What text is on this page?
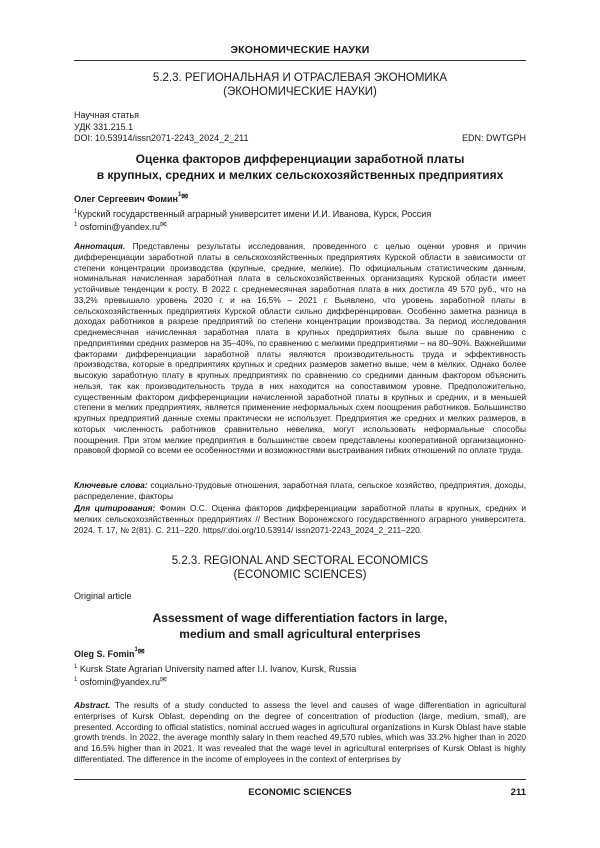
ЭКОНОМИЧЕСКИЕ НАУКИ
5.2.3. РЕГИОНАЛЬНАЯ И ОТРАСЛЕВАЯ ЭКОНОМИКА
(ЭКОНОМИЧЕСКИЕ НАУКИ)
Научная статья
УДК 331.215.1
DOI: 10.53914/issn2071-2243_2024_2_211	EDN: DWTGPH
Оценка факторов дифференциации заработной платы
в крупных, средних и мелких сельскохозяйственных предприятиях
Олег Сергеевич Фомин$^{1✉}$
$^1$Курский государственный аграрный университет имени И.И. Иванова, Курск, Россия
$^1$ osfomin@yandex.ru✉
Аннотация. Представлены результаты исследования, проведенного с целью оценки уровня и причин дифференциации заработной платы в сельскохозяйственных предприятиях Курской области в зависимости от степени концентрации производства (крупные, средние, мелкие). По официальным статистическим данным, номинальная начисленная заработная плата в сельскохозяйственных организациях Курской области имеет устойчивые тенденции к росту. В 2022 г. среднемесячная заработная плата в них достигла 49 570 руб., что на 33,2% превышало уровень 2020 г. и на 16,5% – 2021 г. Выявлено, что уровень заработной платы в сельскохозяйственных предприятиях Курской области сильно дифференцирован. Особенно заметна разница в доходах работников в разрезе предприятий по степени концентрации производства. За период исследования среднемесячная начисленная заработная плата в крупных предприятиях была выше по сравнению с предприятиями средних размеров на 35–40%, по сравнению с мелкими предприятиями – на 80–90%. Важнейшими факторами дифференциации заработной платы являются производительность труда и эффективность производства, которые в предприятиях крупных и средних размеров заметно выше, чем в мелких. Однако более высокую заработную плату в крупных предприятиях по сравнению со средними данным фактором объяснить нельзя, так как производительность труда в них находится на сопоставимом уровне. Предположительно, существенным фактором дифференциации начисленной заработной платы в крупных и средних, и в меньшей степени в мелких предприятиях, является применение неформальных схем поощрения работников. Большинство крупных предприятий данные схемы практически не использует. Предприятия же средних и мелких размеров, в которых численность работников сравнительно невелика, могут использовать неформальные способы поощрения. При этом мелкие предприятия в большинстве своем представлены кооперативной организационно-правовой формой со всеми ее особенностями и возможностями выстраивания гибких отношений по оплате труда.
Ключевые слова: социально-трудовые отношения, заработная плата, сельское хозяйство, предприятия, доходы, распределение, факторы
Для цитирования: Фомин О.С. Оценка факторов дифференциации заработной платы в крупных, средних и мелких сельскохозяйственных предприятиях // Вестник Воронежского государственного аграрного университета. 2024. Т. 17, № 2(81). С. 211–220. https//:doi.org/10.53914/ issn2071-2243_2024_2_211–220.
5.2.3. REGIONAL AND SECTORAL ECONOMICS
(ECONOMIC SCIENCES)
Original article
Assessment of wage differentiation factors in large,
medium and small agricultural enterprises
Oleg S. Fomin$^{1✉}$
$^1$ Kursk State Agrarian University named after I.I. Ivanov, Kursk, Russia
$^1$ osfomin@yandex.ru✉
Abstract. The results of a study conducted to assess the level and causes of wage differentiation in agricultural enterprises of Kursk Oblast, depending on the degree of concentration of production (large, medium, small), are presented. According to official statistics, nominal accrued wages in agricultural organizations in Kursk Oblast have stable growth trends. In 2022, the average monthly salary in them reached 49,570 rubles, which was 33.2% higher than in 2020 and 16.5% higher than in 2021. It was revealed that the wage level in agricultural enterprises of Kursk Oblast is highly differentiated. The difference in the income of employees in the context of enterprises by
ECONOMIC SCIENCES	211
